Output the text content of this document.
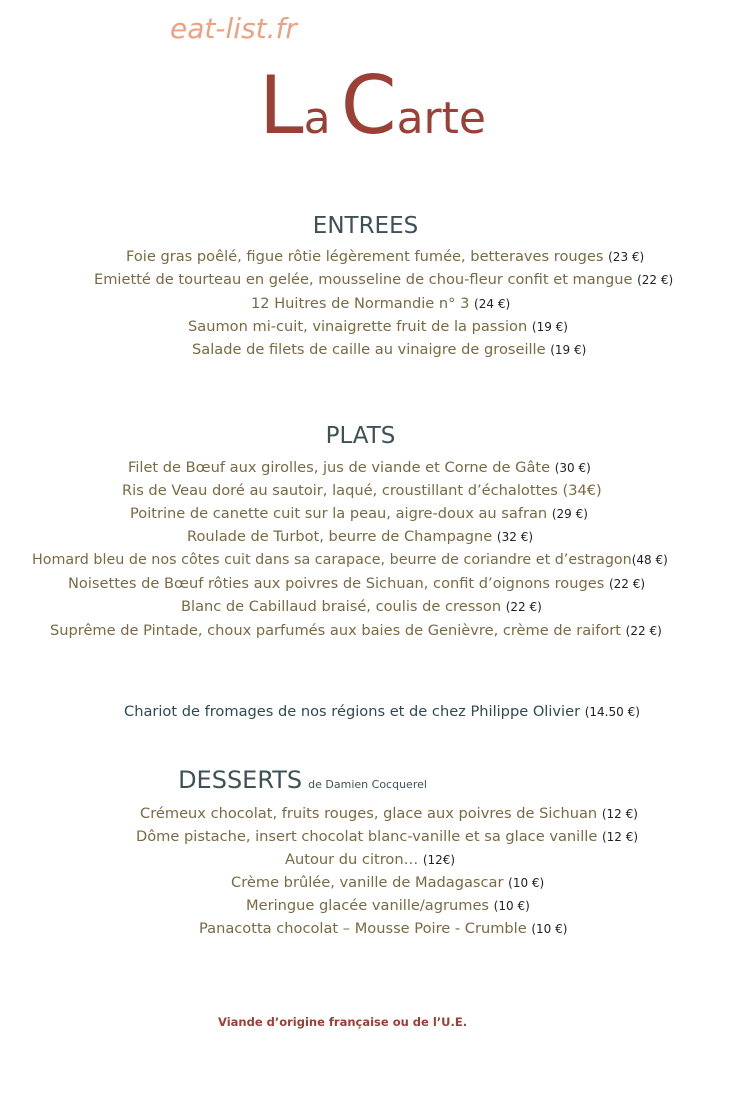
eat-list.fr
La Carte
ENTREES

Foie gras poêlé, figue rôtie légèrement fumée, betteraves rouges (23 €)

Emietté de tourteau en gelée, mousseline de chou-fleur confit et mangue (22 €)

12 Huitres de Normandie n° 3 (24 €)

Saumon mi-cuit, vinaigrette fruit de la passion (19 €)

Salade de filets de caille au vinaigre de groseille (19 €)

PLATS

Filet de Bœuf aux girolles, jus de viande et Corne de Gâte (30 €)

Ris de Veau doré au sautoir, laqué, croustillant d’échalottes (34€)

Poitrine de canette cuit sur la peau, aigre-doux au safran (29 €)

Roulade de Turbot, beurre de Champagne (32 €)

Homard bleu de nos côtes cuit dans sa carapace, beurre de coriandre et d’estragon(48 €)

Noisettes de Bœuf rôties aux poivres de Sichuan, confit d’oignons rouges (22 €)

Blanc de Cabillaud braisé, coulis de cresson (22 €)

Suprême de Pintade, choux parfumés aux baies de Genièvre, crème de raifort (22 €)

Chariot de fromages de nos régions et de chez Philippe Olivier (14.50 €)

DESSERTS de Damien Cocquerel

Crémeux chocolat, fruits rouges, glace aux poivres de Sichuan (12 €)

Dôme pistache, insert chocolat blanc-vanille et sa glace vanille (12 €)

Autour du citron… (12€)

Crème brûlée, vanille de Madagascar (10 €)

Meringue glacée vanille/agrumes (10 €)

Panacotta chocolat – Mousse Poire - Crumble (10 €)

Viande d’origine française ou de l’U.E.
